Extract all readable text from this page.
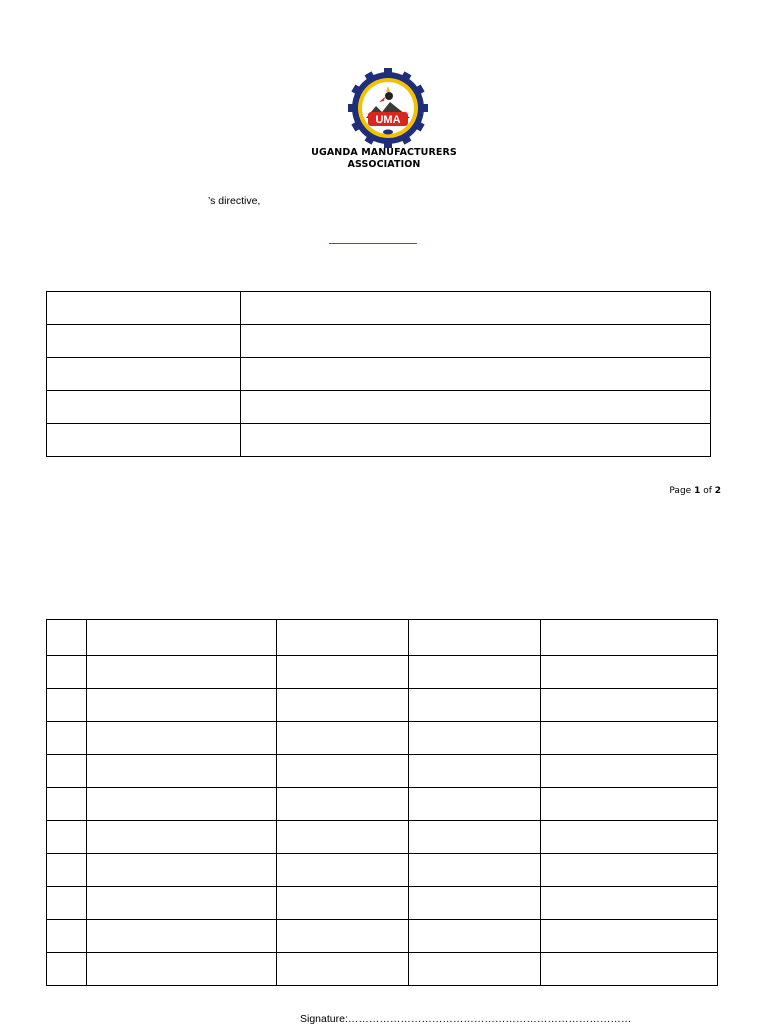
UMA
UGANDA MANUFACTURERS
ASSOCIATION
’s directive,

Page 1 of 2

Signature:………………………………………………………………………
